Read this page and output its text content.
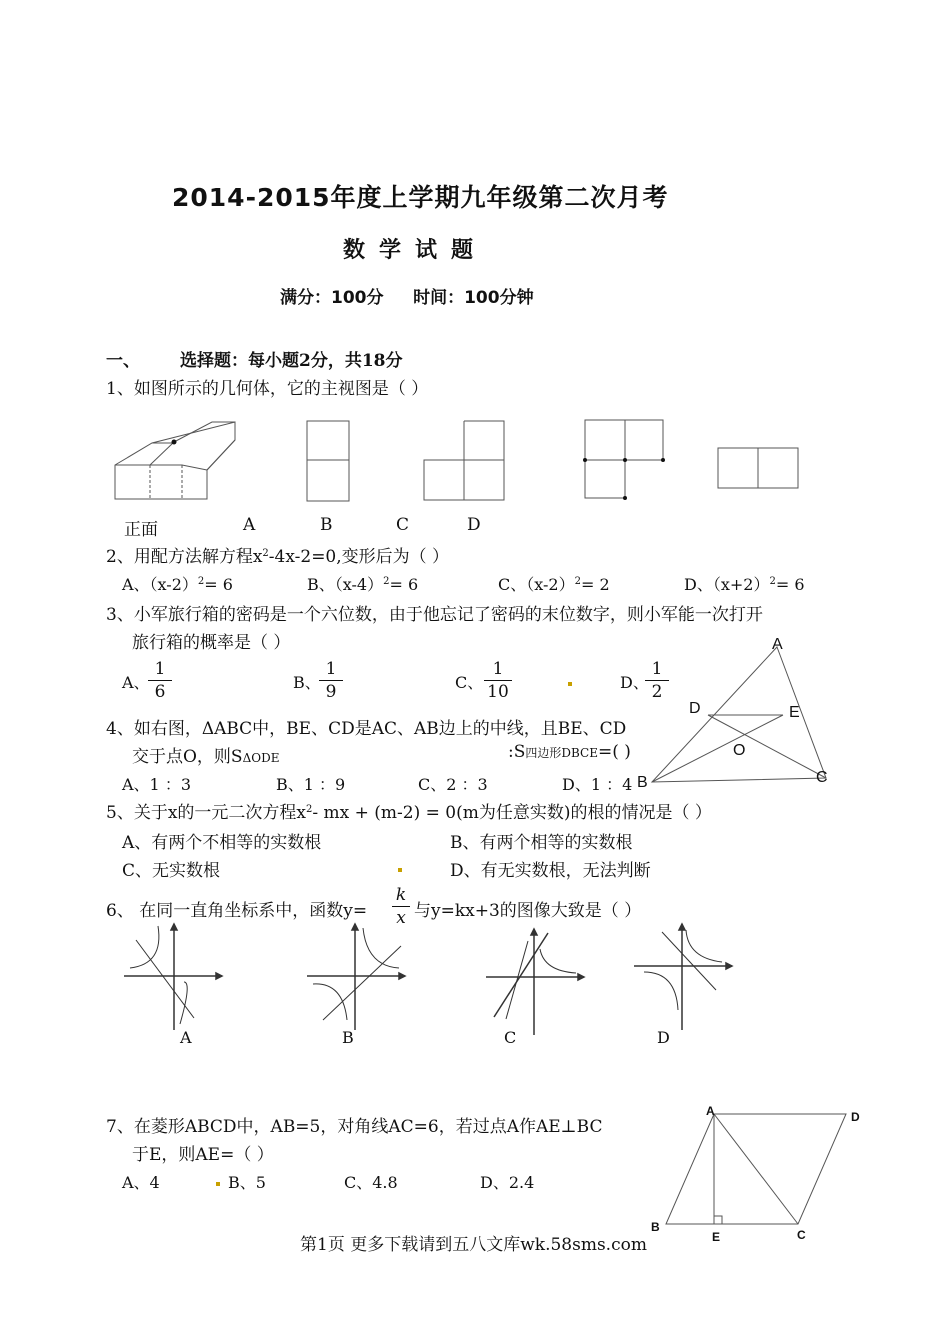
2014-2015年度上学期九年级第二次月考
数学试题
满分：100分     时间：100分钟
一、 选择题：每小题2分，共18分
1、如图所示的几何体，它的主视图是（ ）
正面	A	B	C	D
2、用配方法解方程$x^2-4x-2=0$,变形后为（ ）
A、$(x-2)^2= 6$	B、$(x-4)^2= 6$	C、$(x-2)^2= 2$	D、$(x+2)^2= 6$
3、小军旅行箱的密码是一个六位数，由于他忘记了密码的末位数字，则小军能一次打开
旅行箱的概率是（ ）
A、
$\frac{1}{6}$	B、
$\frac{1}{9}$	C、 $\frac{1}{10}$	D、
$\frac{1}{2}$
A
D	E
O
B	C
4、如右图，ΔABC中，BE、CD是AC、AB边上的中线，且BE、CD
交于点O，则SΔODE	:S四边形DBCE=( )
A、1 ：3	B、1 ：9	C、2 ：3	D、1 ：4
5、关于x的一元二次方程$x^2-$ mx + (m-2) = 0(m为任意实数)的根的情况是（ ）
A、有两个不相等的实数根	B、有两个相等的实数根
C、无实数根	D、有无实数根，无法判断
6、 在同一直角坐标系中，函数$y= \frac{k}{x}$ 与y=kx+3的图像大致是（ ）
A	B	C	D
7、在菱形ABCD中，AB=5，对角线AC=6，若过点A作AE⊥BC
于E，则AE=（ ）
A、4	B、5	C、4.8	D、2.4
A	D
B
E	C
第1页 更多下载请到五八文库wk.58sms.com
